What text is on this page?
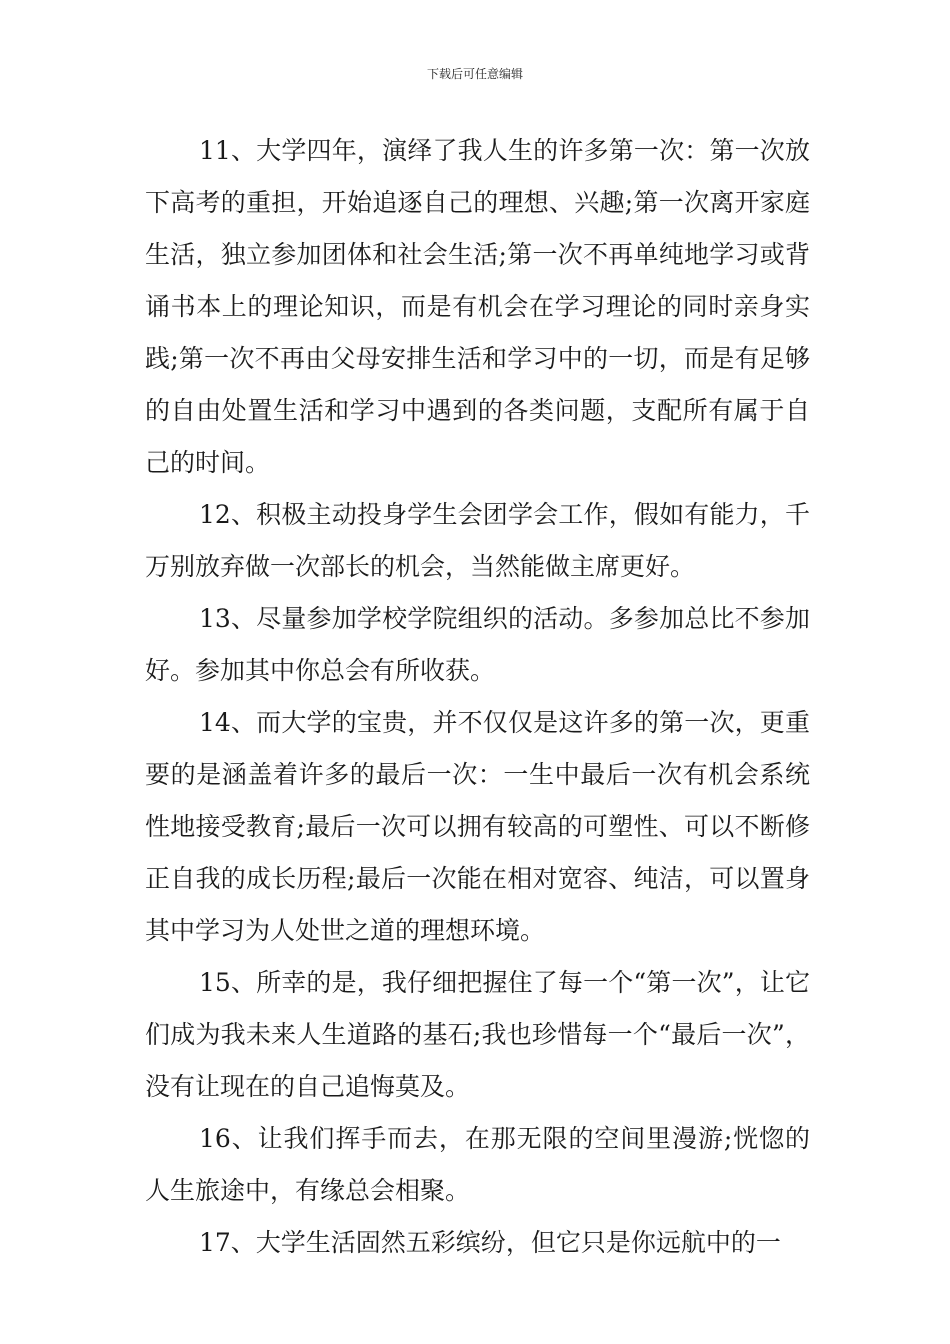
下载后可任意编辑

11、大学四年，演绎了我人生的许多第一次：第一次放下高考的重担，开始追逐自己的理想、兴趣;第一次离开家庭生活，独立参加团体和社会生活;第一次不再单纯地学习或背诵书本上的理论知识，而是有机会在学习理论的同时亲身实践;第一次不再由父母安排生活和学习中的一切，而是有足够的自由处置生活和学习中遇到的各类问题，支配所有属于自己的时间。

12、积极主动投身学生会团学会工作，假如有能力，千万别放弃做一次部长的机会，当然能做主席更好。

13、尽量参加学校学院组织的活动。多参加总比不参加好。参加其中你总会有所收获。

14、而大学的宝贵，并不仅仅是这许多的第一次，更重要的是涵盖着许多的最后一次：一生中最后一次有机会系统性地接受教育;最后一次可以拥有较高的可塑性、可以不断修正自我的成长历程;最后一次能在相对宽容、纯洁，可以置身其中学习为人处世之道的理想环境。

15、所幸的是，我仔细把握住了每一个“第一次”，让它们成为我未来人生道路的基石;我也珍惜每一个“最后一次”，没有让现在的自己追悔莫及。

16、让我们挥手而去，在那无限的空间里漫游;恍惚的人生旅途中，有缘总会相聚。

17、大学生活固然五彩缤纷，但它只是你远航中的一
